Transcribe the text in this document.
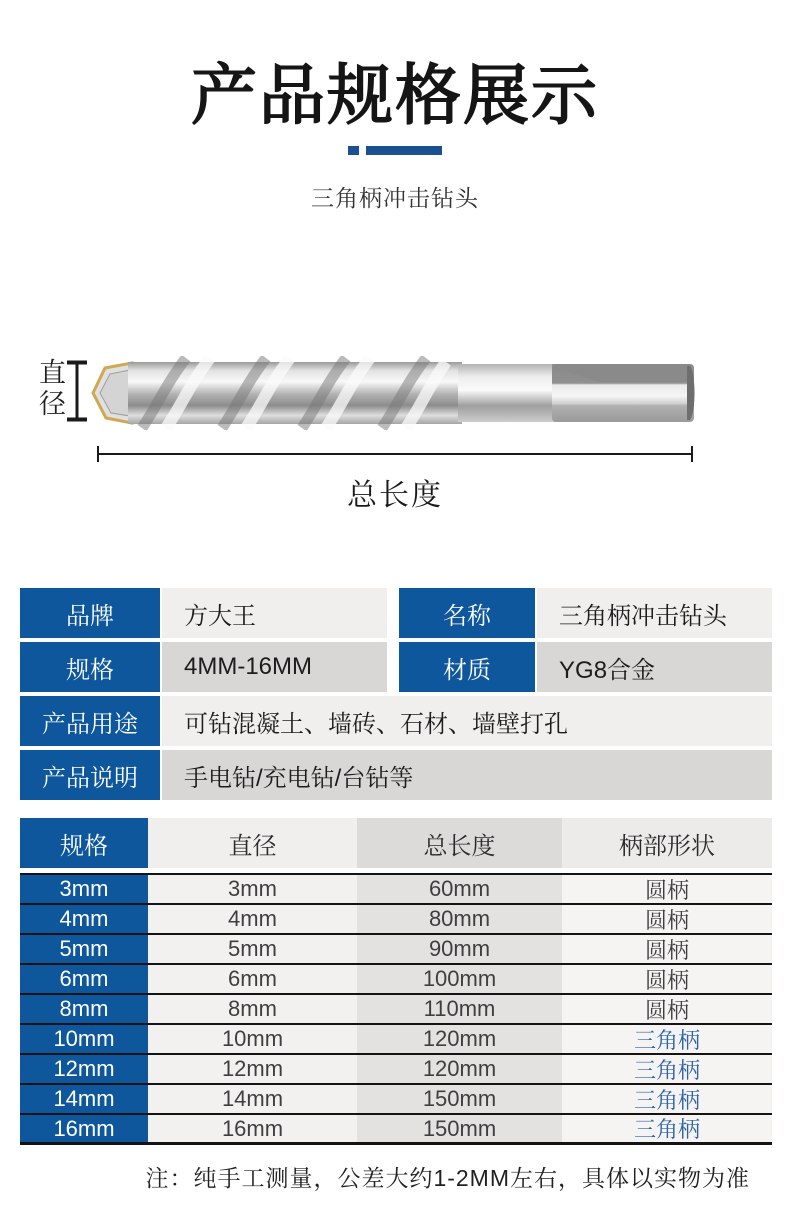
产品规格展示
三角柄冲击钻头
直径
总长度
品牌	方大王	名称	三角柄冲击钻头
规格	4MM-16MM	材质	YG8合金
产品用途	可钻混凝土、墙砖、石材、墙壁打孔
产品说明	手电钻/充电钻/台钻等
规格	直径	总长度	柄部形状
3mm	3mm	60mm	圆柄
4mm	4mm	80mm	圆柄
5mm	5mm	90mm	圆柄
6mm	6mm	100mm	圆柄
8mm	8mm	110mm	圆柄
10mm	10mm	120mm	三角柄
12mm	12mm	120mm	三角柄
14mm	14mm	150mm	三角柄
16mm	16mm	150mm	三角柄
注：纯手工测量，公差大约1-2MM左右，具体以实物为准
